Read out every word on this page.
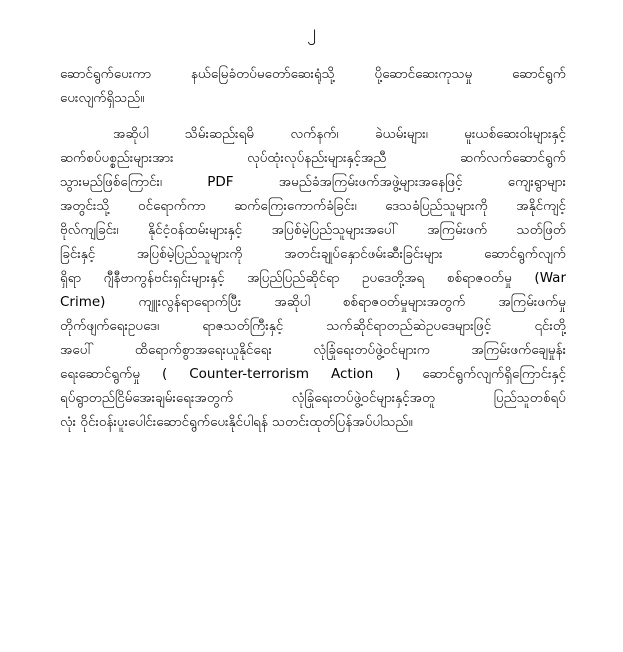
၂
ဆောင်ရွက်ပေးကာ နယ်မြေခံတပ်မတော်ဆေးရုံသို့ ပို့ဆောင်ဆေးကုသမှု ဆောင်ရွက်
ပေးလျက်ရှိသည်။
အဆိုပါ သိမ်းဆည်းရမိ လက်နက်၊ ခဲယမ်းများ၊ မူးယစ်ဆေးဝါးများနှင့်
ဆက်စပ်ပစ္စည်းများအား လုပ်ထုံးလုပ်နည်းများနှင့်အညီ ဆက်လက်ဆောင်ရွက်
သွားမည်ဖြစ်ကြောင်း၊ PDF အမည်ခံအကြမ်းဖက်အဖွဲ့များအနေဖြင့် ကျေးရွာများ
အတွင်းသို့ ဝင်ရောက်ကာ ဆက်ကြေးကောက်ခံခြင်း၊ ဒေသခံပြည်သူများကို အနိုင်ကျင့်
ဗိုလ်ကျခြင်း၊ နိုင်ငံ့ဝန်ထမ်းများနှင့် အပြစ်မဲ့ပြည်သူများအပေါ် အကြမ်းဖက် သတ်ဖြတ်
ခြင်းနှင့် အပြစ်မဲ့ပြည်သူများကို အတင်းချုပ်နှောင်ဖမ်းဆီးခြင်းများ ဆောင်ရွက်လျက်
ရှိရာ ဂျီနီဗာကွန်ဗင်းရှင်းများနှင့် အပြည်ပြည်ဆိုင်ရာ ဥပဒေတို့အရ စစ်ရာဇဝတ်မှု (War
Crime) ကျူးလွန်ရာရောက်ပြီး အဆိုပါ စစ်ရာဇဝတ်မှုများအတွက် အကြမ်းဖက်မှု
တိုက်ဖျက်ရေးဥပဒေ၊ ရာဇသတ်ကြီးနှင့် သက်ဆိုင်ရာတည်ဆဲဥပဒေများဖြင့် ၎င်းတို့
အပေါ် ထိရောက်စွာအရေးယူနိုင်ရေး လုံခြုံရေးတပ်ဖွဲ့ဝင်များက အကြမ်းဖက်ချေမှုန်း
ရေးဆောင်ရွက်မှု ( Counter-terrorism Action ) ဆောင်ရွက်လျက်ရှိကြောင်းနှင့်
ရပ်ရွာတည်ငြိမ်အေးချမ်းရေးအတွက် လုံခြုံရေးတပ်ဖွဲ့ဝင်များနှင့်အတူ ပြည်သူတစ်ရပ်
လုံး ဝိုင်းဝန်းပူးပေါင်းဆောင်ရွက်ပေးနိုင်ပါရန် သတင်းထုတ်ပြန်အပ်ပါသည်။
